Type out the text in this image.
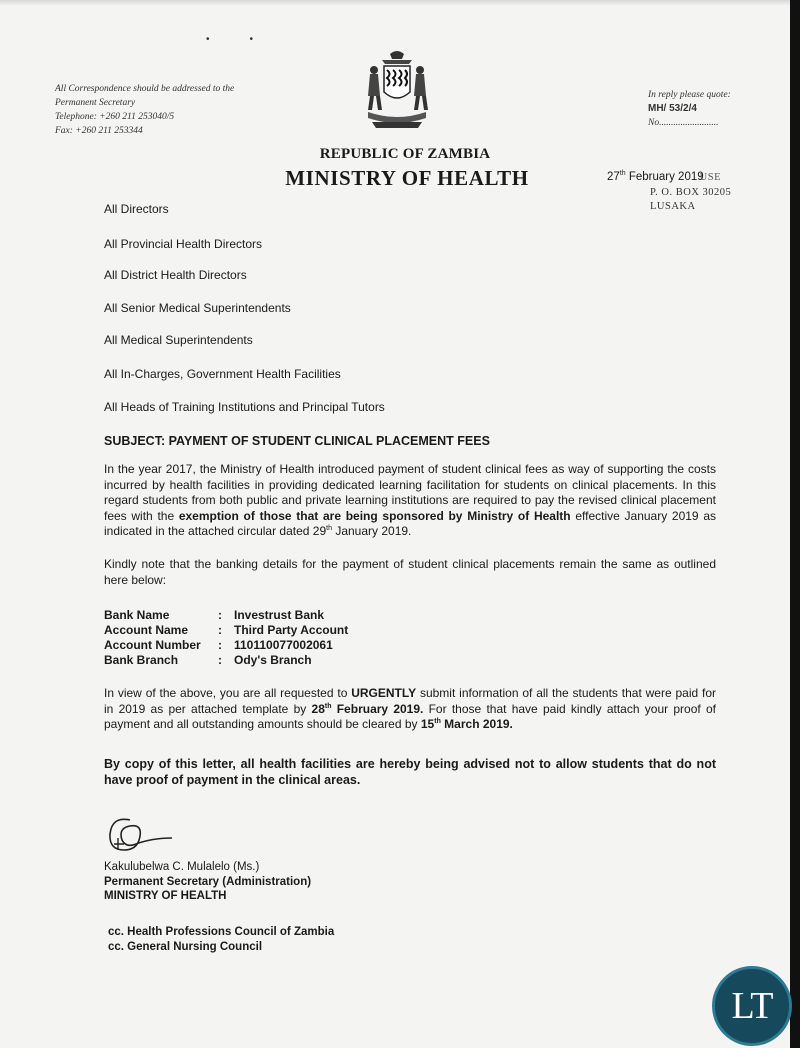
••
All Correspondence should be addressed to the
Permanent Secretary
Telephone: +260 211 253040/5
Fax: +260 211 253344
In reply please quote:
MH/ 53/2/4
No.........................
REPUBLIC OF ZAMBIA
MINISTRY OF HEALTH	27th February 2019USE
P. O. BOX 30205
LUSAKA
All Directors
All Provincial Health Directors
All District Health Directors
All Senior Medical Superintendents
All Medical Superintendents
All In-Charges, Government Health Facilities
All Heads of Training Institutions and Principal Tutors
SUBJECT: PAYMENT OF STUDENT CLINICAL PLACEMENT FEES
In the year 2017, the Ministry of Health introduced payment of student clinical fees as way of supporting the costs incurred by health facilities in providing dedicated learning facilitation for students on clinical placements. In this regard students from both public and private learning institutions are required to pay the revised clinical placement fees with the exemption of those that are being sponsored by Ministry of Health effective January 2019 as indicated in the attached circular dated 29th January 2019.
Kindly note that the banking details for the payment of student clinical placements remain the same as outlined here below:
Bank Name	:	Investrust Bank
Account Name	:	Third Party Account
Account Number	:	110110077002061
Bank Branch	:	Ody's Branch
In view of the above, you are all requested to URGENTLY submit information of all the students that were paid for in 2019 as per attached template by 28th February 2019. For those that have paid kindly attach your proof of payment and all outstanding amounts should be cleared by 15th March 2019.
By copy of this letter, all health facilities are hereby being advised not to allow students that do not have proof of payment in the clinical areas.
Kakulubelwa C. Mulalelo (Ms.)
Permanent Secretary (Administration)
MINISTRY OF HEALTH
cc. Health Professions Council of Zambia
cc. General Nursing Council
LT
